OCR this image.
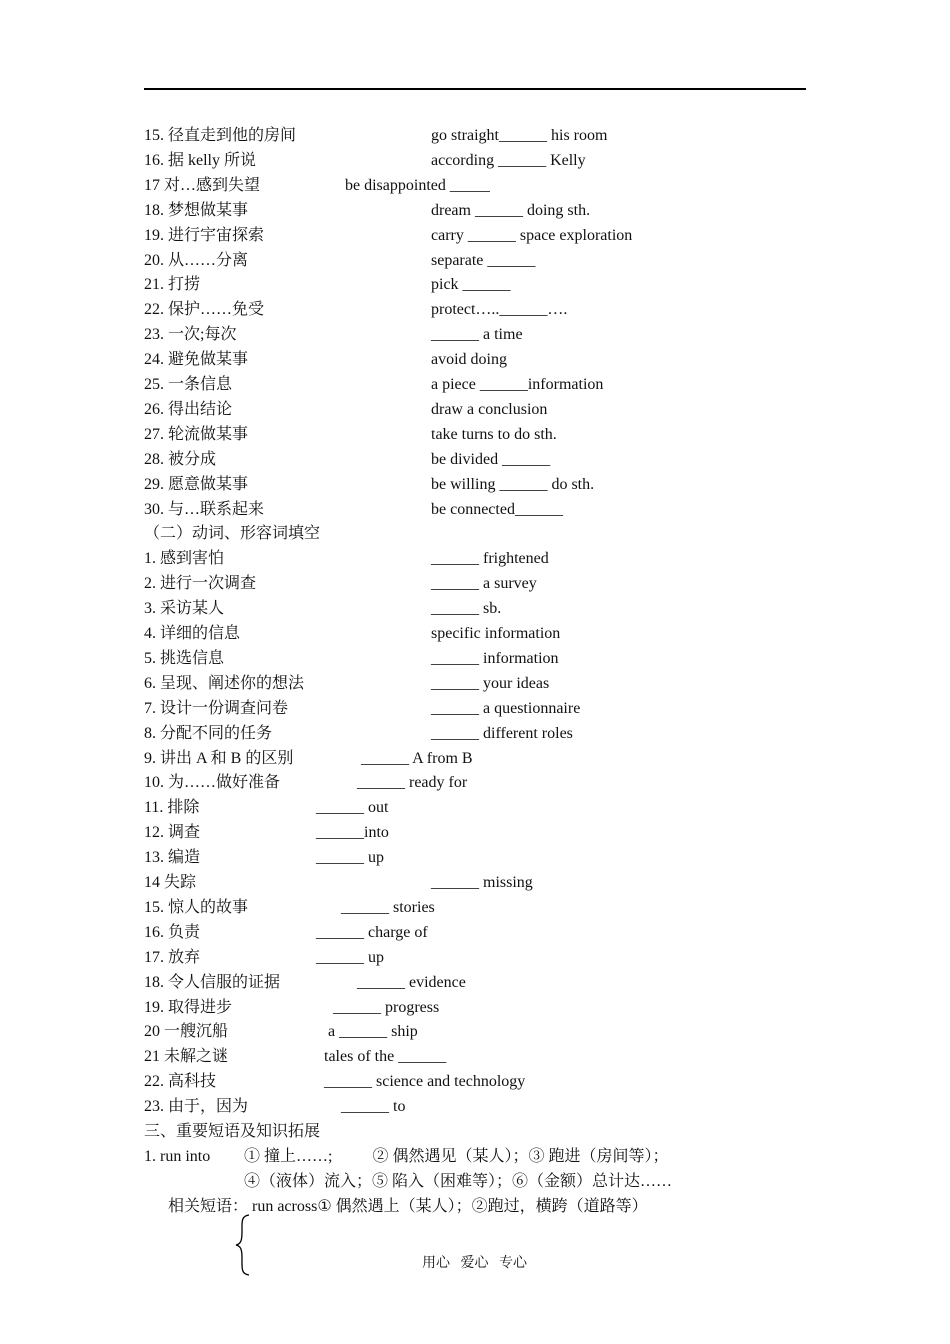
15. 径直走到他的房间	go straight______ his room
16. 据 kelly 所说	according ______ Kelly
17 对…感到失望	be disappointed _____
18. 梦想做某事	dream ______ doing sth.
19. 进行宇宙探索	carry ______ space exploration
20. 从……分离	separate ______
21. 打捞	pick ______
22. 保护……免受	protect…..______….
23. 一次;每次	______ a time
24. 避免做某事	avoid doing
25. 一条信息	a piece ______information
26. 得出结论	draw a conclusion
27. 轮流做某事	take turns to do sth.
28. 被分成	be divided ______
29. 愿意做某事	be willing ______ do sth.
30. 与…联系起来	be connected______
（二）动词、形容词填空
1. 感到害怕	______ frightened
2. 进行一次调查	______ a survey
3. 采访某人	______ sb.
4. 详细的信息	specific information
5. 挑选信息	______ information
6. 呈现、阐述你的想法	______ your ideas
7. 设计一份调查问卷	______ a questionnaire
8. 分配不同的任务	______ different roles
9. 讲出 A 和 B 的区别	______ A from B
10. 为……做好准备	______ ready for
11. 排除	______ out
12. 调查	______into
13. 编造	______ up
14 失踪	______ missing
15. 惊人的故事	______ stories
16. 负责	______ charge of
17. 放弃	______ up
18. 令人信服的证据	______ evidence
19. 取得进步	______ progress
20 一艘沉船	a ______ ship
21 未解之谜	tales of the ______
22. 高科技	______ science and technology
23. 由于，因为	______ to
三、重要短语及知识拓展
1. run into ① 撞上……;          ② 偶然遇见（某人）；③ 跑进（房间等）；
④（液体）流入；⑤ 陷入（困难等）；⑥（金额）总计达……
相关短语： run across① 偶然遇上（某人）；②跑过，横跨（道路等）
用心   爱心   专心
